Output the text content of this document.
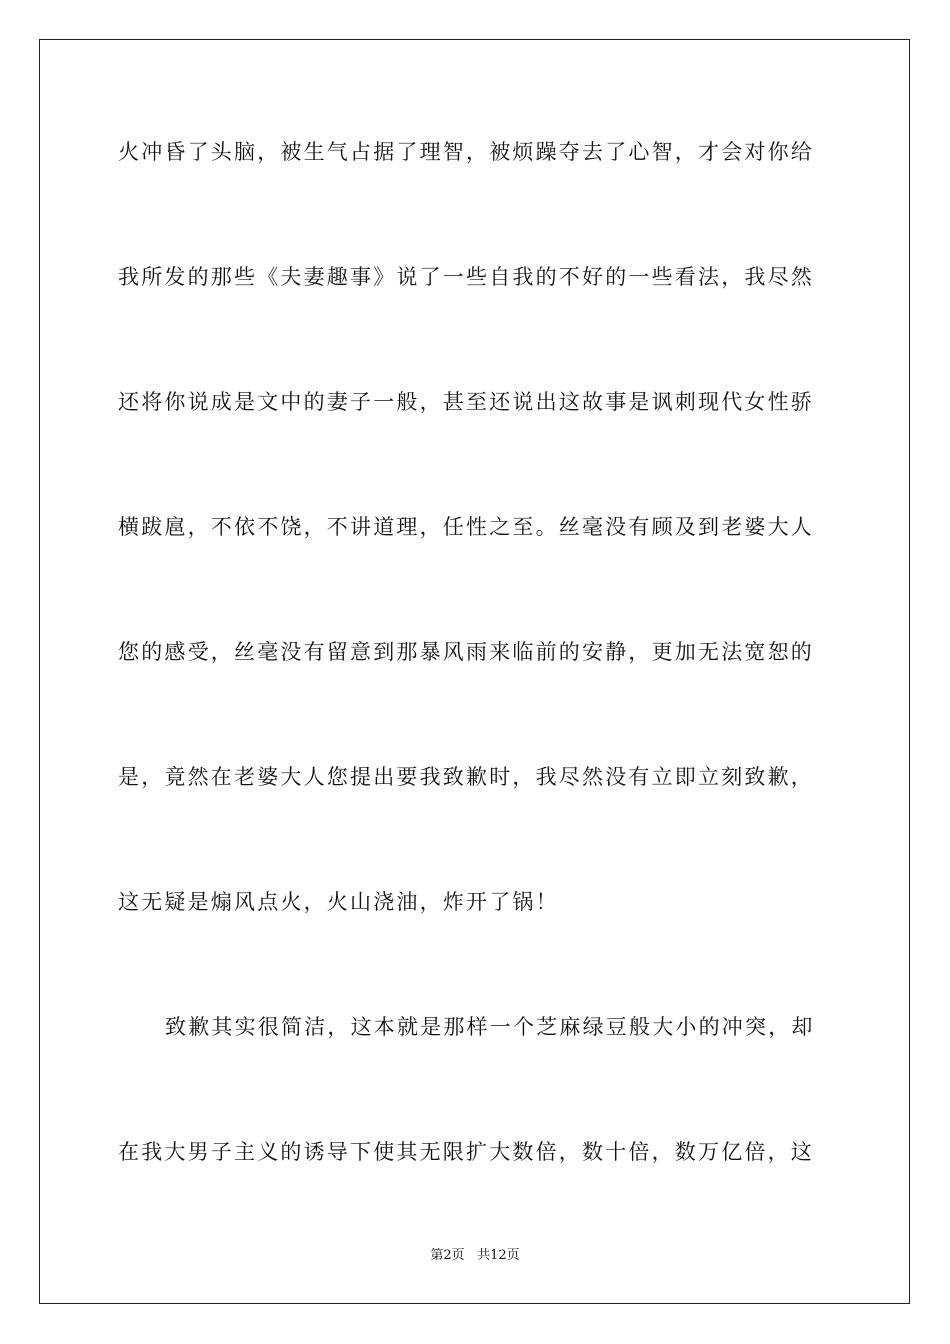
火冲昏了头脑，被生气占据了理智，被烦躁夺去了心智，才会对你给
我所发的那些《夫妻趣事》说了一些自我的不好的一些看法，我尽然
还将你说成是文中的妻子一般，甚至还说出这故事是讽刺现代女性骄
横跋扈，不依不饶，不讲道理，任性之至。丝毫没有顾及到老婆大人
您的感受，丝毫没有留意到那暴风雨来临前的安静，更加无法宽恕的
是，竟然在老婆大人您提出要我致歉时，我尽然没有立即立刻致歉，
这无疑是煽风点火，火山浇油，炸开了锅！
致歉其实很简洁，这本就是那样一个芝麻绿豆般大小的冲突，却
在我大男子主义的诱导下使其无限扩大数倍，数十倍，数万亿倍，这
第2页 共12页
